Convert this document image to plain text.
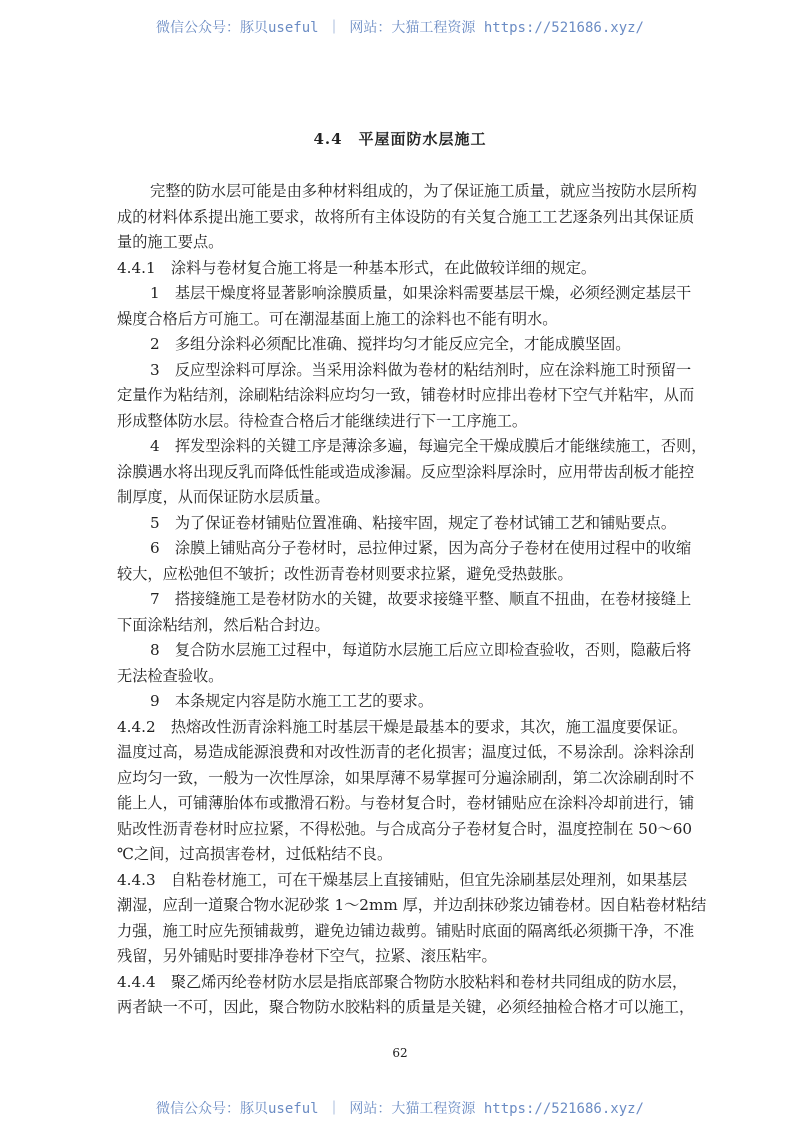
微信公众号：豚贝useful ｜ 网站：大猫工程资源 https://521686.xyz/
4.4　平屋面防水层施工
完整的防水层可能是由多种材料组成的，为了保证施工质量，就应当按防水层所构
成的材料体系提出施工要求，故将所有主体设防的有关复合施工工艺逐条列出其保证质
量的施工要点。
4.4.1　涂料与卷材复合施工将是一种基本形式，在此做较详细的规定。
1　基层干燥度将显著影响涂膜质量，如果涂料需要基层干燥，必须经测定基层干
燥度合格后方可施工。可在潮湿基面上施工的涂料也不能有明水。
2　多组分涂料必须配比准确、搅拌均匀才能反应完全，才能成膜坚固。
3　反应型涂料可厚涂。当采用涂料做为卷材的粘结剂时，应在涂料施工时预留一
定量作为粘结剂，涂刷粘结涂料应均匀一致，铺卷材时应排出卷材下空气并粘牢，从而
形成整体防水层。待检查合格后才能继续进行下一工序施工。
4　挥发型涂料的关键工序是薄涂多遍，每遍完全干燥成膜后才能继续施工，否则，
涂膜遇水将出现反乳而降低性能或造成渗漏。反应型涂料厚涂时，应用带齿刮板才能控
制厚度，从而保证防水层质量。
5　为了保证卷材铺贴位置准确、粘接牢固，规定了卷材试铺工艺和铺贴要点。
6　涂膜上铺贴高分子卷材时，忌拉伸过紧，因为高分子卷材在使用过程中的收缩
较大，应松弛但不皱折；改性沥青卷材则要求拉紧，避免受热鼓胀。
7　搭接缝施工是卷材防水的关键，故要求接缝平整、顺直不扭曲，在卷材接缝上
下面涂粘结剂，然后粘合封边。
8　复合防水层施工过程中，每道防水层施工后应立即检查验收，否则，隐蔽后将
无法检查验收。
9　本条规定内容是防水施工工艺的要求。
4.4.2　热熔改性沥青涂料施工时基层干燥是最基本的要求，其次，施工温度要保证。
温度过高，易造成能源浪费和对改性沥青的老化损害；温度过低，不易涂刮。涂料涂刮
应均匀一致，一般为一次性厚涂，如果厚薄不易掌握可分遍涂刷刮，第二次涂刷刮时不
能上人，可铺薄胎体布或撒滑石粉。与卷材复合时，卷材铺贴应在涂料冷却前进行，铺
贴改性沥青卷材时应拉紧，不得松弛。与合成高分子卷材复合时，温度控制在 50～60
℃之间，过高损害卷材，过低粘结不良。
4.4.3　自粘卷材施工，可在干燥基层上直接铺贴，但宜先涂刷基层处理剂，如果基层
潮湿，应刮一道聚合物水泥砂浆 1～2mm 厚，并边刮抹砂浆边铺卷材。因自粘卷材粘结
力强，施工时应先预铺裁剪，避免边铺边裁剪。铺贴时底面的隔离纸必须撕干净，不准
残留，另外铺贴时要排净卷材下空气，拉紧、滚压粘牢。
4.4.4　聚乙烯丙纶卷材防水层是指底部聚合物防水胶粘料和卷材共同组成的防水层，
两者缺一不可，因此，聚合物防水胶粘料的质量是关键，必须经抽检合格才可以施工，
62
微信公众号：豚贝useful ｜ 网站：大猫工程资源 https://521686.xyz/
